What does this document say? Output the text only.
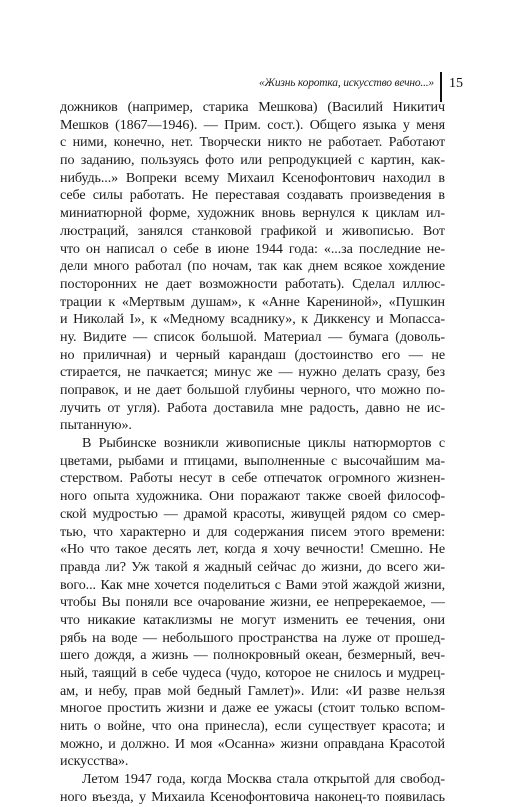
«Жизнь коротка, искусство вечно...» 15
дожников (например, старика Мешкова) (Василий Никитич
Мешков (1867—1946). — Прим. сост.). Общего языка у меня
с ними, конечно, нет. Творчески никто не работает. Работают
по заданию, пользуясь фото или репродукцией с картин, как-
нибудь...» Вопреки всему Михаил Ксенофонтович находил в
себе силы работать. Не переставая создавать произведения в
миниатюрной форме, художник вновь вернулся к циклам ил-
люстраций, занялся станковой графикой и живописью. Вот
что он написал о себе в июне 1944 года: «...за последние не-
дели много работал (по ночам, так как днем всякое хождение
посторонних не дает возможности работать). Сделал иллюс-
трации к «Мертвым душам», к «Анне Карениной», «Пушкин
и Николай I», к «Медному всаднику», к Диккенсу и Мопасса-
ну. Видите — список большой. Материал — бумага (доволь-
но приличная) и черный карандаш (достоинство его — не
стирается, не пачкается; минус же — нужно делать сразу, без
поправок, и не дает большой глубины черного, что можно по-
лучить от угля). Работа доставила мне радость, давно не ис-
пытанную».
В Рыбинске возникли живописные циклы натюрмортов с
цветами, рыбами и птицами, выполненные с высочайшим ма-
стерством. Работы несут в себе отпечаток огромного жизнен-
ного опыта художника. Они поражают также своей философ-
ской мудростью — драмой красоты, живущей рядом со смер-
тью, что характерно и для содержания писем этого времени:
«Но что такое десять лет, когда я хочу вечности! Смешно. Не
правда ли? Уж такой я жадный сейчас до жизни, до всего жи-
вого... Как мне хочется поделиться с Вами этой жаждой жизни,
чтобы Вы поняли все очарование жизни, ее непререкаемое, —
что никакие катаклизмы не могут изменить ее течения, они
рябь на воде — небольшого пространства на луже от прошед-
шего дождя, а жизнь — полнокровный океан, безмерный, веч-
ный, таящий в себе чудеса (чудо, которое не снилось и мудрец-
ам, и небу, прав мой бедный Гамлет)». Или: «И разве нельзя
многое простить жизни и даже ее ужасы (стоит только вспом-
нить о войне, что она принесла), если существует красота; и
можно, и должно. И моя «Осанна» жизни оправдана Красотой
искусства».
Летом 1947 года, когда Москва стала открытой для свобод-
ного въезда, у Михаила Ксенофонтовича наконец-то появилась
